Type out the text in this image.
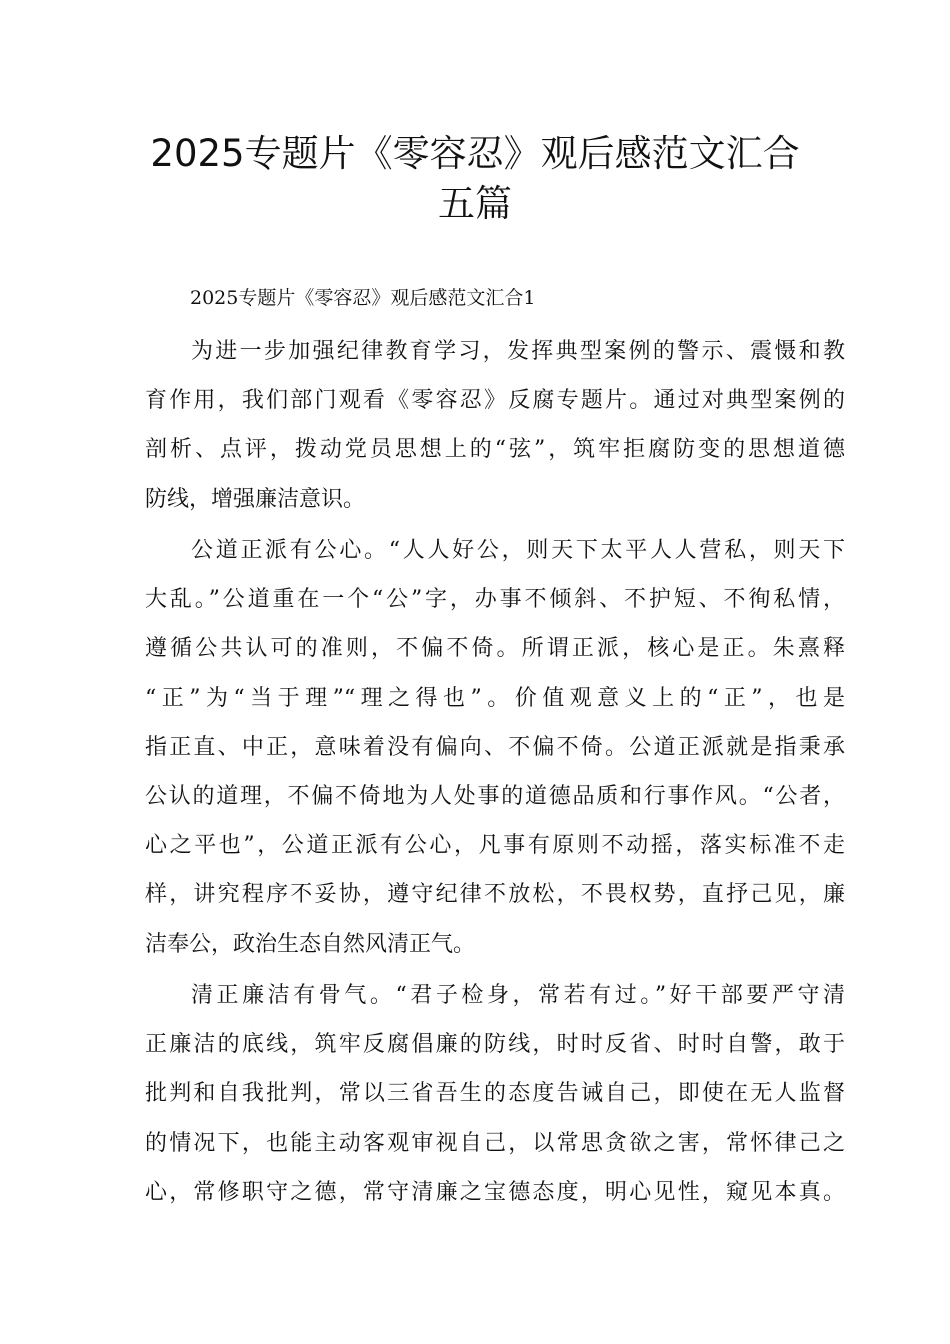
2025专题片《零容忍》观后感范文汇合
五篇
2025专题片《零容忍》观后感范文汇合1
为进一步加强纪律教育学习，发挥典型案例的警示、震慑和教
育作用，我们部门观看《零容忍》反腐专题片。通过对典型案例的
剖析、点评，拨动党员思想上的“弦”，筑牢拒腐防变的思想道德
防线，增强廉洁意识。
公道正派有公心。“人人好公，则天下太平人人营私，则天下
大乱。”公道重在一个“公”字，办事不倾斜、不护短、不徇私情，
遵循公共认可的准则，不偏不倚。所谓正派，核心是正。朱熹释
“正”为“当于理”“理之得也”。价值观意义上的“正”，也是
指正直、中正，意味着没有偏向、不偏不倚。公道正派就是指秉承
公认的道理，不偏不倚地为人处事的道德品质和行事作风。“公者，
心之平也”，公道正派有公心，凡事有原则不动摇，落实标准不走
样，讲究程序不妥协，遵守纪律不放松，不畏权势，直抒己见，廉
洁奉公，政治生态自然风清正气。
清正廉洁有骨气。“君子检身，常若有过。”好干部要严守清
正廉洁的底线，筑牢反腐倡廉的防线，时时反省、时时自警，敢于
批判和自我批判，常以三省吾生的态度告诫自己，即使在无人监督
的情况下，也能主动客观审视自己，以常思贪欲之害，常怀律己之
心，常修职守之德，常守清廉之宝德态度，明心见性，窥见本真。
